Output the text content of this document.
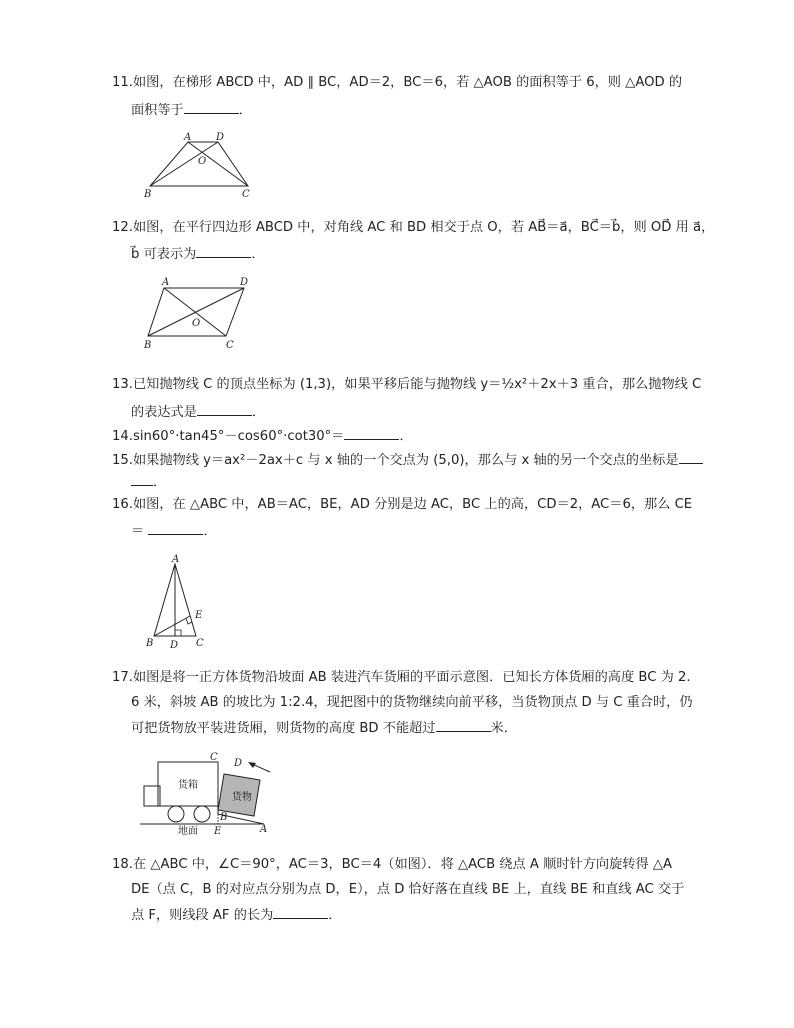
11.如图，在梯形 ABCD 中，AD ∥ BC，AD＝2，BC＝6，若 △AOB 的面积等于 6，则 △AOD 的
面积等于	．
A D
O
B	C
12.如图，在平行四边形 ABCD 中，对角线 AC 和 BD 相交于点 O，若 AB⃗＝a⃗，BC⃗＝b⃗，则 OD⃗ 用 a⃗，
b⃗ 可表示为	．
A	D
O
B	C
13.已知抛物线 C 的顶点坐标为 (1,3)，如果平移后能与抛物线 y＝½x²＋2x＋3 重合，那么抛物线 C
的表达式是	．
14.sin60°·tan45°－cos60°·cot30°＝	．
15.如果抛物线 y＝ax²－2ax＋c 与 x 轴的一个交点为 (5,0)，那么与 x 轴的另一个交点的坐标是
．
16.如图，在 △ABC 中，AB＝AC，BE，AD 分别是边 AC，BC 上的高，CD＝2，AC＝6，那么 CE
＝	．
A
E
B D C
17.如图是将一正方体货物沿坡面 AB 装进汽车货厢的平面示意图．已知长方体货厢的高度 BC 为 2.
6 米，斜坡 AB 的坡比为 1:2.4，现把图中的货物继续向前平移，当货物顶点 D 与 C 重合时，仍
可把货物放平装进货厢，则货物的高度 BD 不能超过	米．
C
D
B
E	A
货箱
货物
地面
18.在 △ABC 中，∠C＝90°，AC＝3，BC＝4（如图）．将 △ACB 绕点 A 顺时针方向旋转得 △A
DE（点 C，B 的对应点分别为点 D，E），点 D 恰好落在直线 BE 上，直线 BE 和直线 AC 交于
点 F，则线段 AF 的长为	．
